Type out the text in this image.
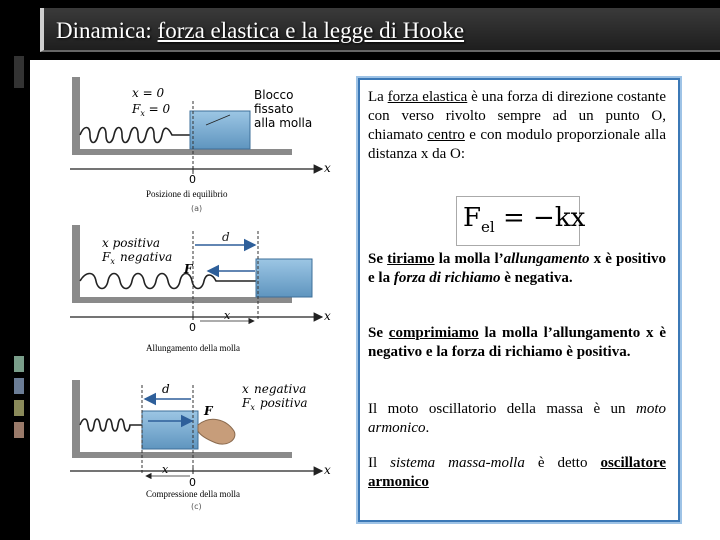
Dinamica: forza elastica e la legge di Hooke
x = 0
$F_x = 0$
Blocco
fissato
alla molla
0
x
(a)
d
F
x positiva
$F_x$ negativa
x
0
x
d
F
x negativa
$F_x$ positiva
x
0
x
(c)
Posizione di equilibrio
Allungamento della molla
Compressione della molla
La forza elastica è una forza di direzione costante con verso rivolto sempre ad un punto O, chiamato centro e con modulo proporzionale alla distanza x da O:
$F_{el} = -kx$
Se tiriamo la molla l’allungamento x è positivo e la forza di richiamo è negativa.
Se comprimiamo la molla l’allungamento x è negativo e la forza di richiamo è positiva.
Il moto oscillatorio della massa è un moto armonico.
Il sistema massa-molla è detto oscillatore armonico
24
